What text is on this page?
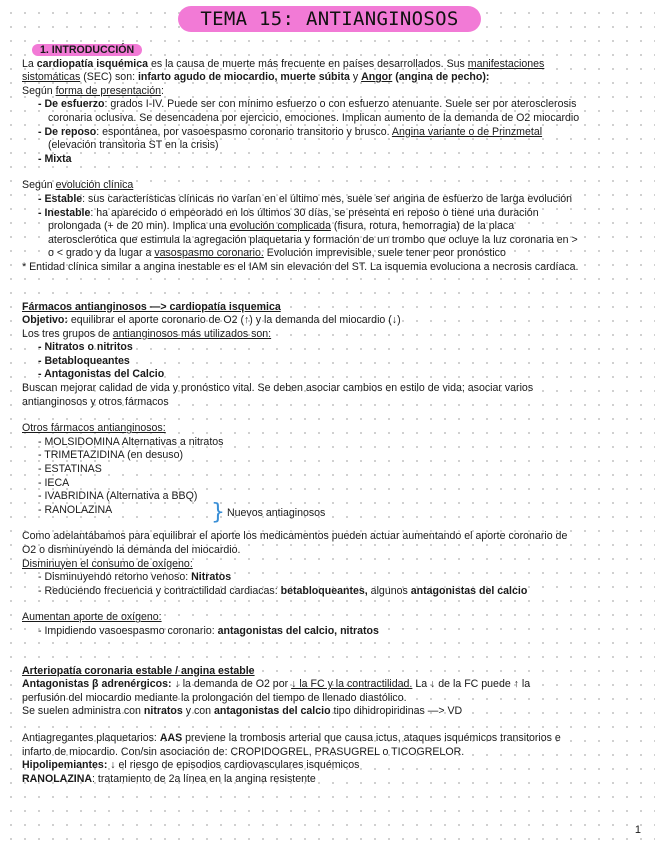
TEMA 15: ANTIANGINOSOS
1. INTRODUCCIÓN

La cardiopatía isquémica es la causa de muerte más frecuente en países desarrollados. Sus manifestaciones

sistomáticas (SEC) son: infarto agudo de miocardio, muerte súbita y Angor (angina de pecho):

Según forma de presentación:

- De esfuerzo: grados I-IV. Puede ser con mínimo esfuerzo o con esfuerzo atenuante. Suele ser por aterosclerosis

coronaria oclusiva. Se desencadena por ejercicio, emociones. Implican aumento de la demanda de O2 miocardio

- De reposo: espontánea, por vasoespasmo coronario transitorio y brusco. Angina variante o de Prinzmetal

(elevación transitoria ST en la crisis)

- Mixta

Según evolución clínica

- Estable: sus características clínicas no varían en el último mes, suele ser angina de esfuerzo de larga evolución

- Inestable: ha aparecido o empeorado en los últimos 30 días, se presenta en reposo o tiene una duración

prolongada (+ de 20 min). Implica una evolución complicada (fisura, rotura, hemorragia) de la placa

aterosclerótica que estimula la agregación plaquetaria y formación de un trombo que ocluye la luz coronaria en >

o < grado y da lugar a vasospasmo coronario. Evolución imprevisible, suele tener peor pronóstico

* Entidad clínica similar a angina inestable es el IAM sin elevación del ST. La isquemia evoluciona a necrosis cardíaca.

Fármacos antianginosos —> cardiopatía isquemica

Objetivo: equilibrar el aporte coronario de O2 (↑) y la demanda del miocardio (↓)

Los tres grupos de antianginosos más utilizados son:

- Nitratos o nitritos

- Betabloqueantes

- Antagonistas del Calcio

Buscan mejorar calidad de vida y pronóstico vital. Se deben asociar cambios en estilo de vida; asociar varios

antianginosos y otros fármacos

Otros fármacos antianginosos:

- MOLSIDOMINA Alternativas a nitratos

- TRIMETAZIDINA (en desuso)

- ESTATINAS

- IECA

- IVABRIDINA (Alternativa a BBQ)

- RANOLAZINA	} Nuevos antiaginosos

Como adelantábamos para equilibrar el aporte los medicamentos pueden actuar aumentando el aporte coronario de

O2 o disminuyendo la demanda del miocardio.

Disminuyen el consumo de oxígeno:

- Disminuyendo retorno venoso: Nitratos

- Reduciendo frecuencia y contractilidad cardiacas: betabloqueantes, algunos antagonistas del calcio

Aumentan aporte de oxígeno:

- Impidiendo vasoespasmo coronario: antagonistas del calcio, nitratos

Arteriopatía coronaria estable / angina estable

Antagonistas β adrenérgicos: ↓ la demanda de O2 por ↓ la FC y la contractilidad. La ↓ de la FC puede ↑ la

perfusión del miocardio mediante la prolongación del tiempo de llenado diastólico.

Se suelen administra con nitratos y con antagonistas del calcio tipo dihidropiridinas —> VD

Antiagregantes plaquetarios: AAS previene la trombosis arterial que causa ictus, ataques isquémicos transitorios e

infarto de miocardio. Con/sin asociación de: CROPIDOGREL, PRASUGREL o TICOGRELOR.

Hipolipemiantes: ↓ el riesgo de episodios cardiovasculares isquémicos

RANOLAZINA: tratamiento de 2a línea en la angina resistente

1
